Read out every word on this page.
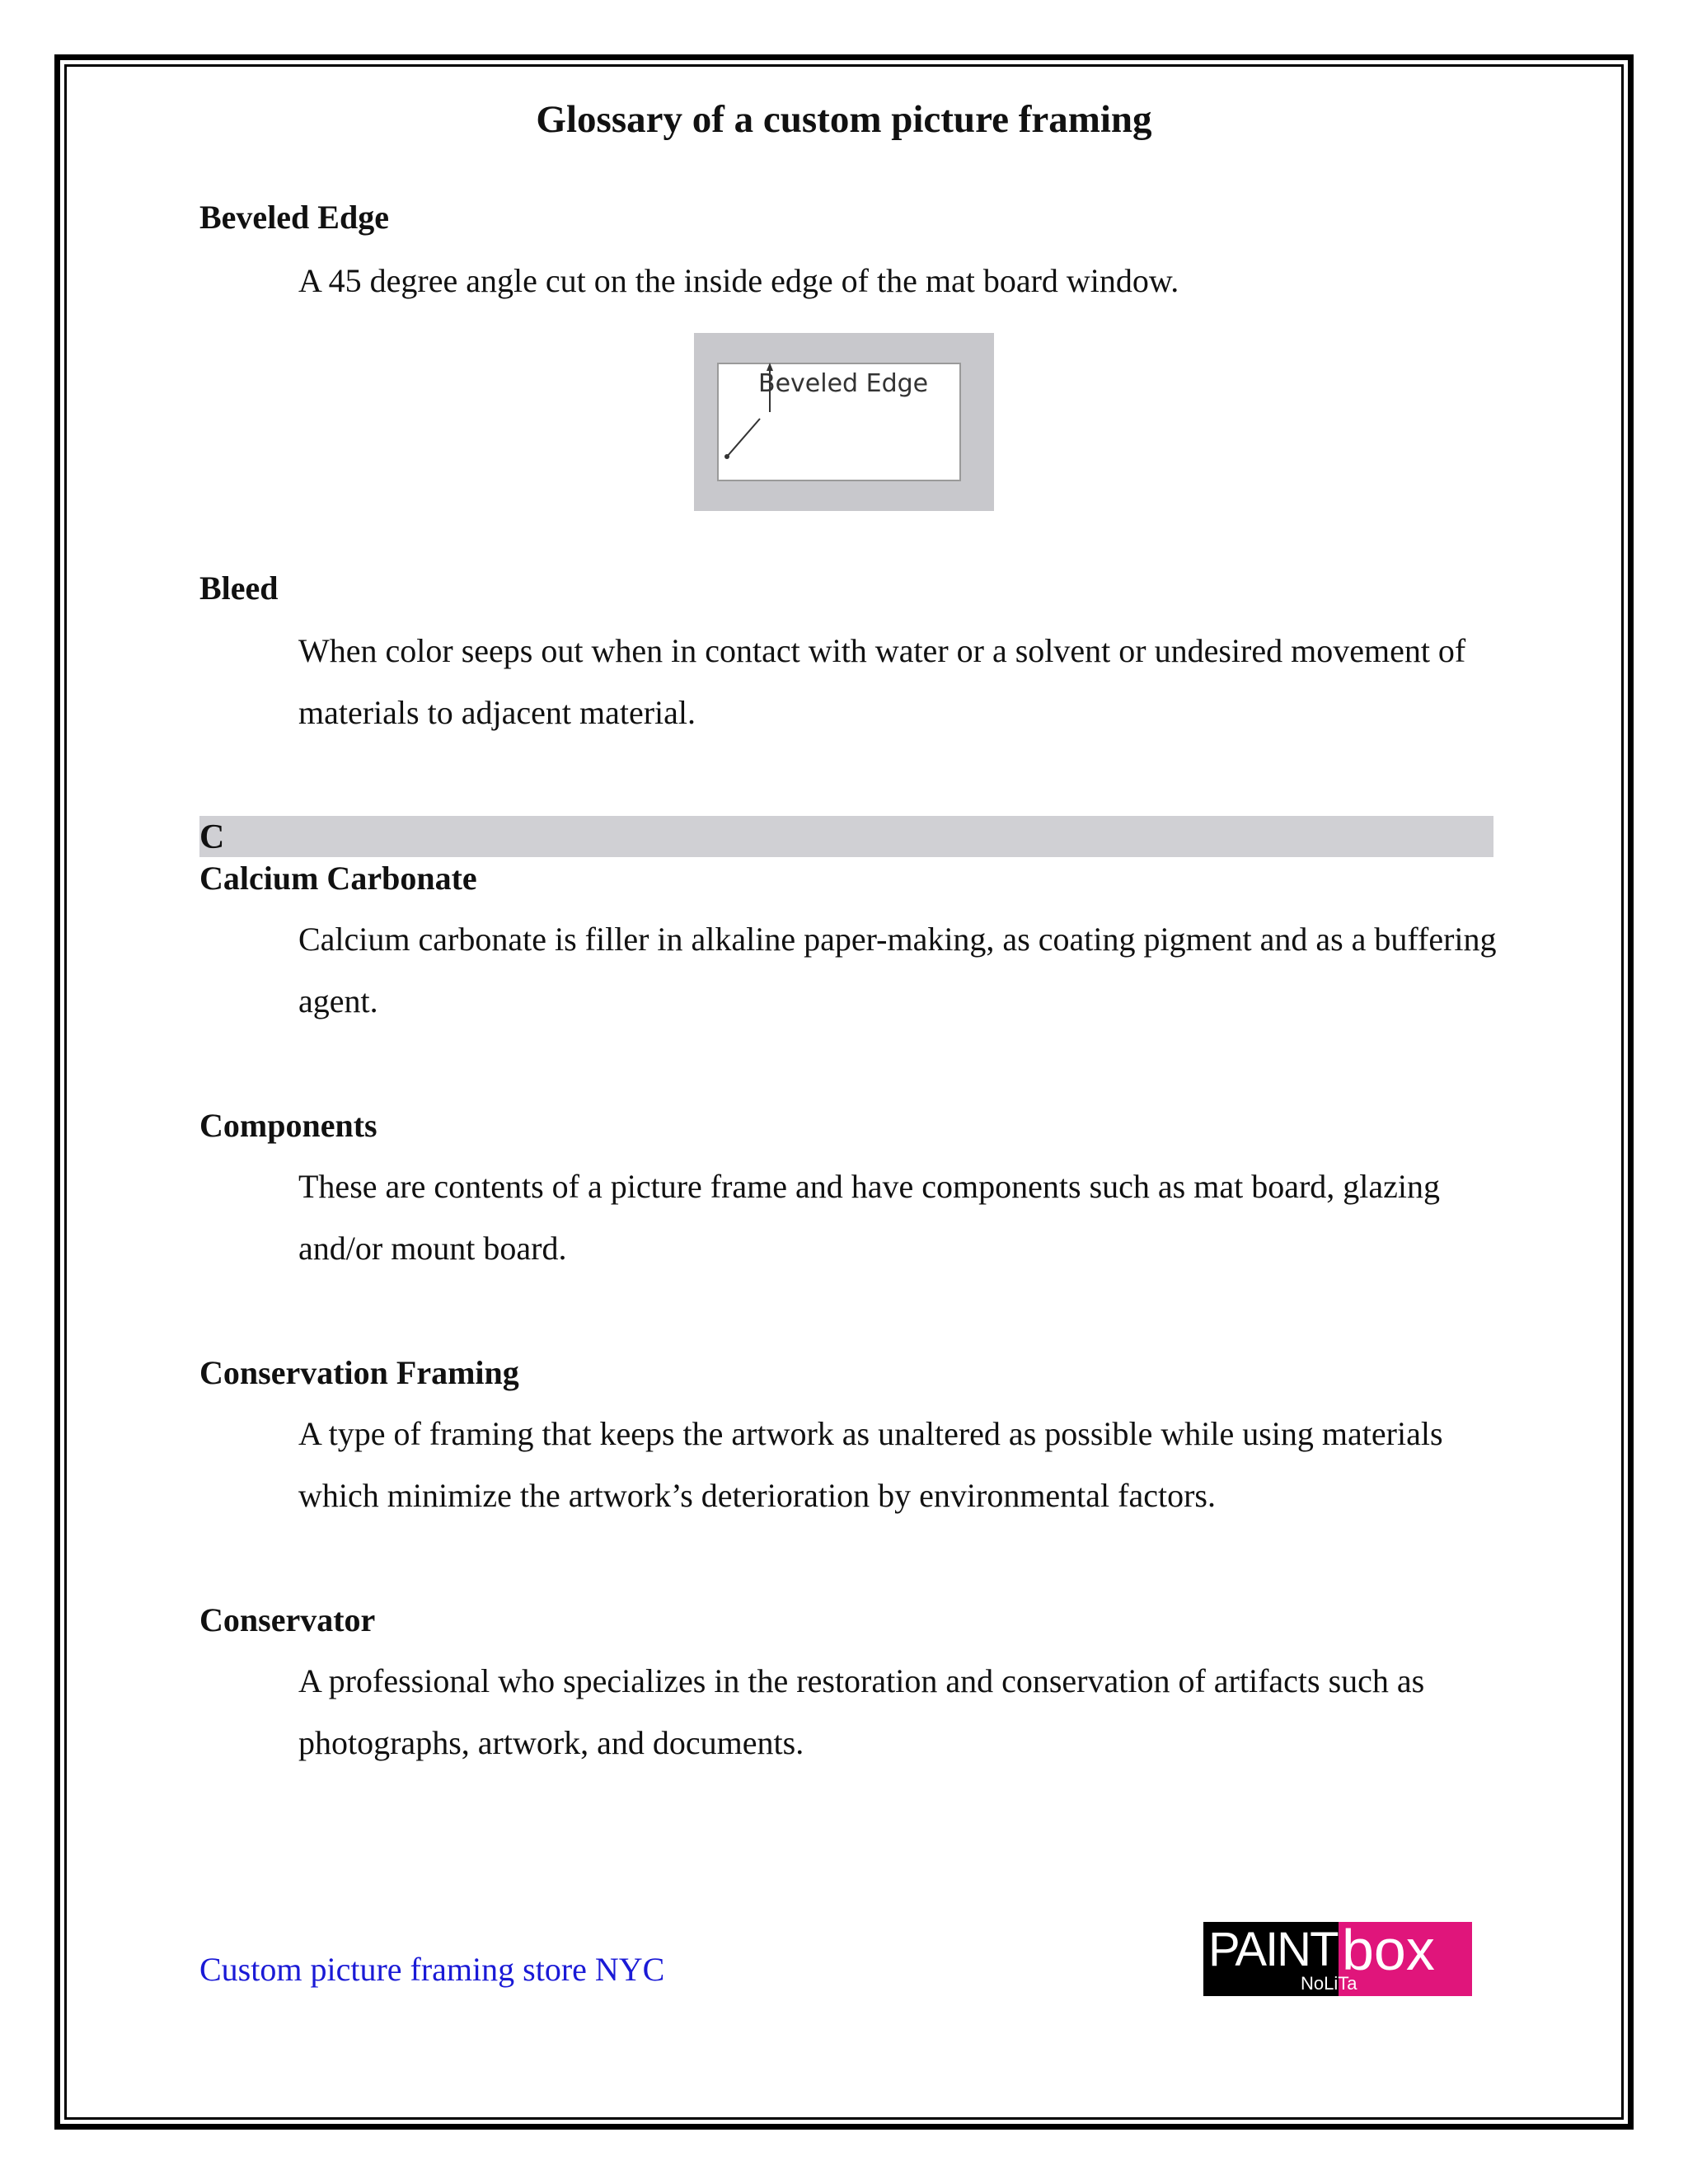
Glossary of a custom picture framing
Beveled Edge
A 45 degree angle cut on the inside edge of the mat board window.
Beveled Edge
Bleed
When color seeps out when in contact with water or a solvent or undesired movement of materials to adjacent material.
C
Calcium Carbonate
Calcium carbonate is filler in alkaline paper-making, as coating pigment and as a buffering agent.
Components
These are contents of a picture frame and have components such as mat board, glazing and/or mount board.
Conservation Framing
A type of framing that keeps the artwork as unaltered as possible while using materials which minimize the artwork’s deterioration by environmental factors.
Conservator
A professional who specializes in the restoration and conservation of artifacts such as photographs, artwork, and documents.
Custom picture framing store NYC	PAINT box
NoLiTa
